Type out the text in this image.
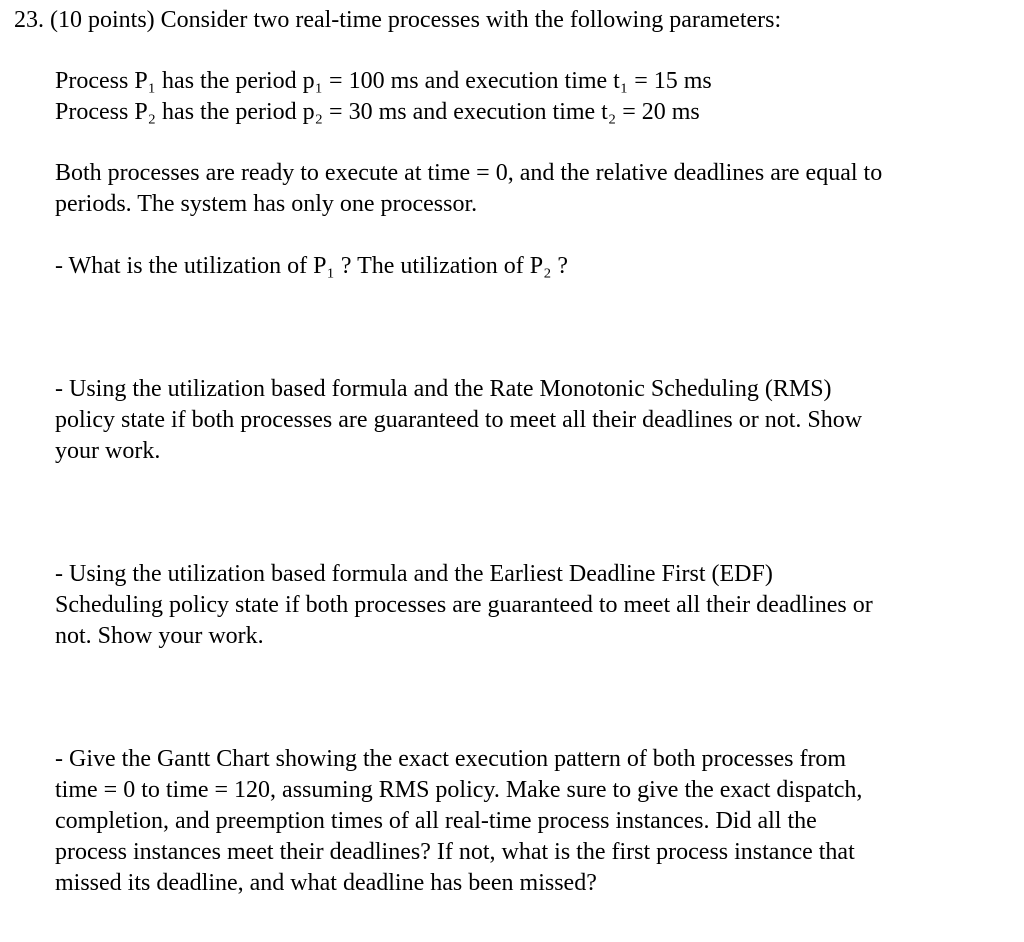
23. (10 points) Consider two real-time processes with the following parameters:

Process P₁ has the period p₁ = 100 ms and execution time t₁ = 15 ms

Process P₂ has the period p₂ = 30 ms and execution time t₂ = 20 ms

Both processes are ready to execute at time = 0, and the relative deadlines are equal to

periods. The system has only one processor.

- What is the utilization of P₁ ? The utilization of P₂ ?

- Using the utilization based formula and the Rate Monotonic Scheduling (RMS)

policy state if both processes are guaranteed to meet all their deadlines or not. Show

your work.

- Using the utilization based formula and the Earliest Deadline First (EDF)

Scheduling policy state if both processes are guaranteed to meet all their deadlines or

not. Show your work.

- Give the Gantt Chart showing the exact execution pattern of both processes from

time = 0 to time = 120, assuming RMS policy. Make sure to give the exact dispatch,

completion, and preemption times of all real-time process instances. Did all the

process instances meet their deadlines? If not, what is the first process instance that

missed its deadline, and what deadline has been missed?
